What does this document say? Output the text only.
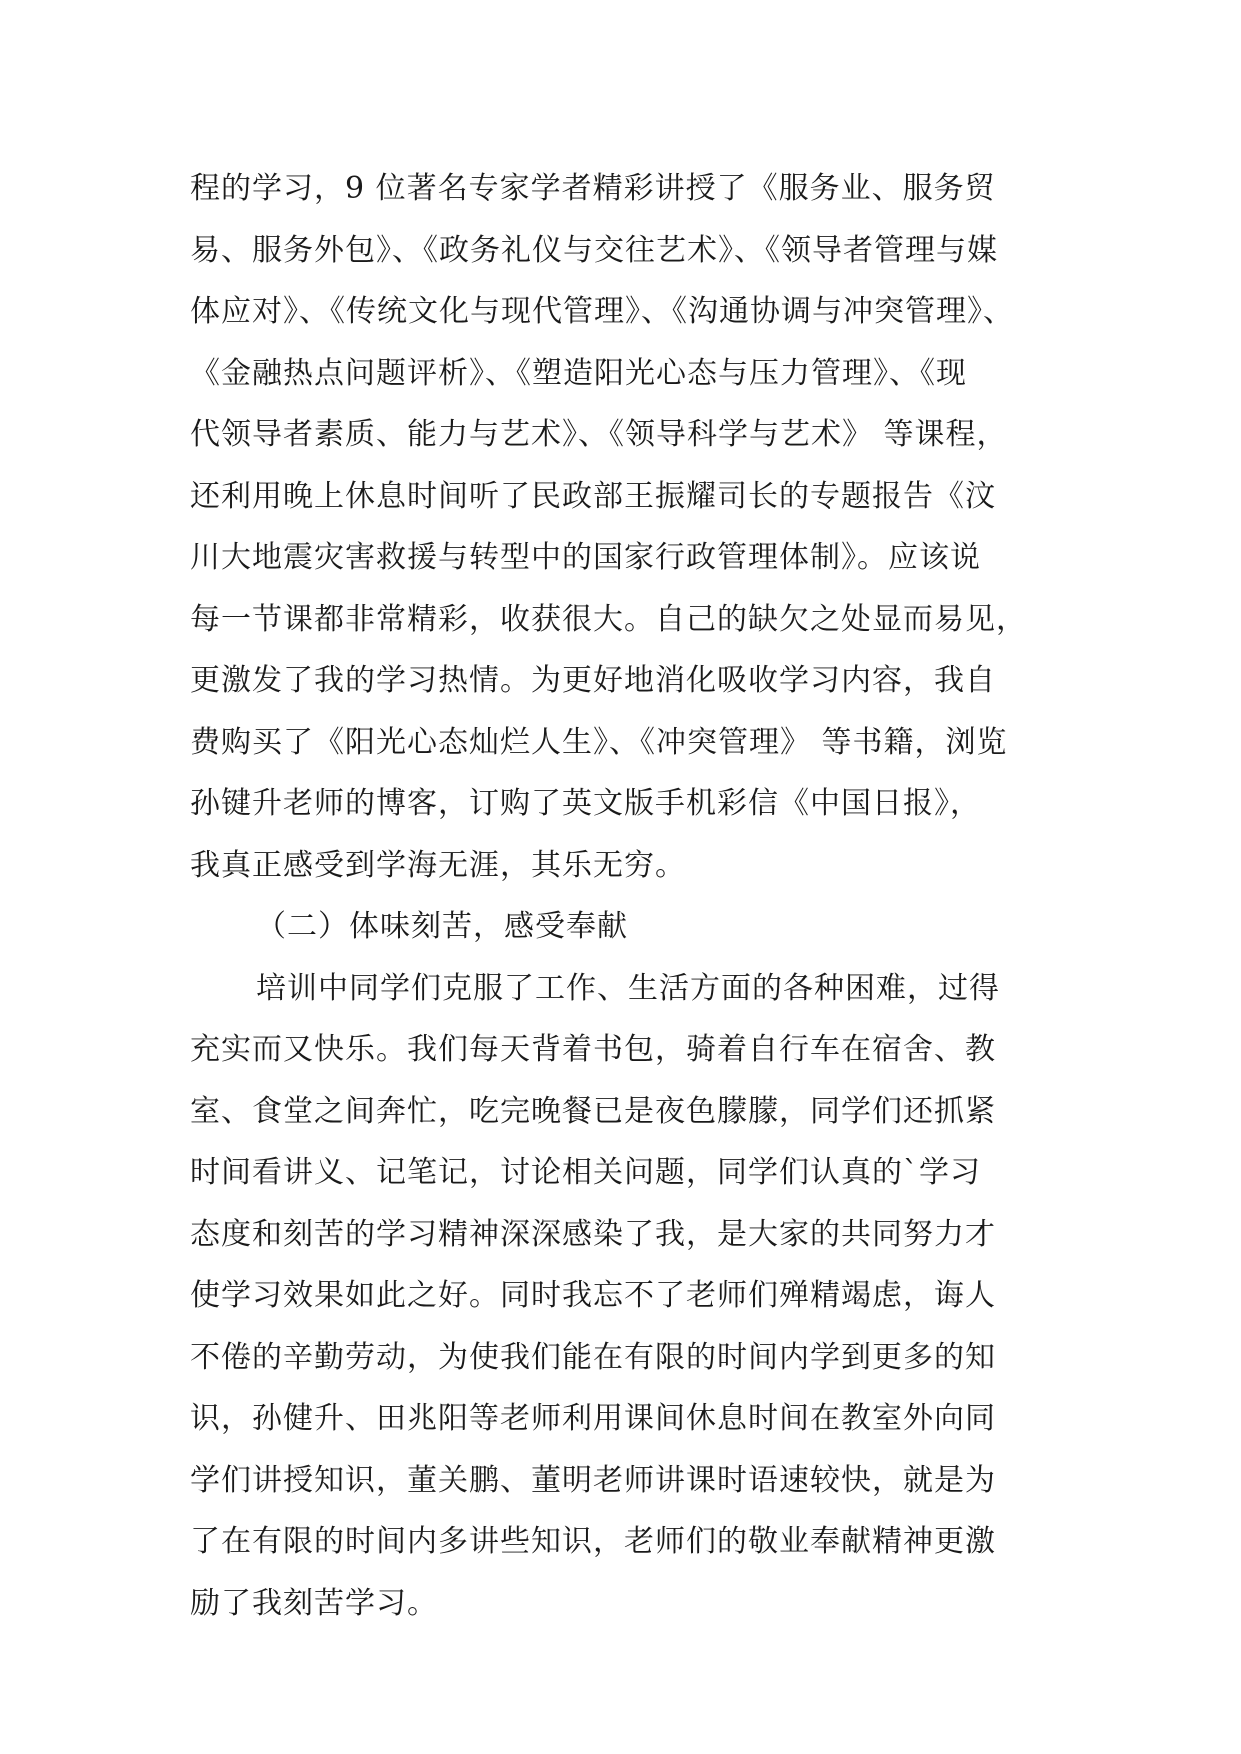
程的学习，9 位著名专家学者精彩讲授了《服务业、服务贸
易、服务外包》、《政务礼仪与交往艺术》、《领导者管理与媒
体应对》、《传统文化与现代管理》、《沟通协调与冲突管理》、
《金融热点问题评析》、《塑造阳光心态与压力管理》、《现
代领导者素质、能力与艺术》、《领导科学与艺术》 等课程，
还利用晚上休息时间听了民政部王振耀司长的专题报告《汶
川大地震灾害救援与转型中的国家行政管理体制》。应该说
每一节课都非常精彩，收获很大。自己的缺欠之处显而易见，
更激发了我的学习热情。为更好地消化吸收学习内容，我自
费购买了《阳光心态灿烂人生》、《冲突管理》 等书籍，浏览
孙键升老师的博客，订购了英文版手机彩信《中国日报》，
我真正感受到学海无涯，其乐无穷。
（二）体味刻苦，感受奉献
培训中同学们克服了工作、生活方面的各种困难，过得
充实而又快乐。我们每天背着书包，骑着自行车在宿舍、教
室、食堂之间奔忙，吃完晚餐已是夜色朦朦，同学们还抓紧
时间看讲义、记笔记，讨论相关问题，同学们认真的`学习
态度和刻苦的学习精神深深感染了我，是大家的共同努力才
使学习效果如此之好。同时我忘不了老师们殚精竭虑，诲人
不倦的辛勤劳动，为使我们能在有限的时间内学到更多的知
识，孙健升、田兆阳等老师利用课间休息时间在教室外向同
学们讲授知识，董关鹏、董明老师讲课时语速较快，就是为
了在有限的时间内多讲些知识，老师们的敬业奉献精神更激
励了我刻苦学习。
